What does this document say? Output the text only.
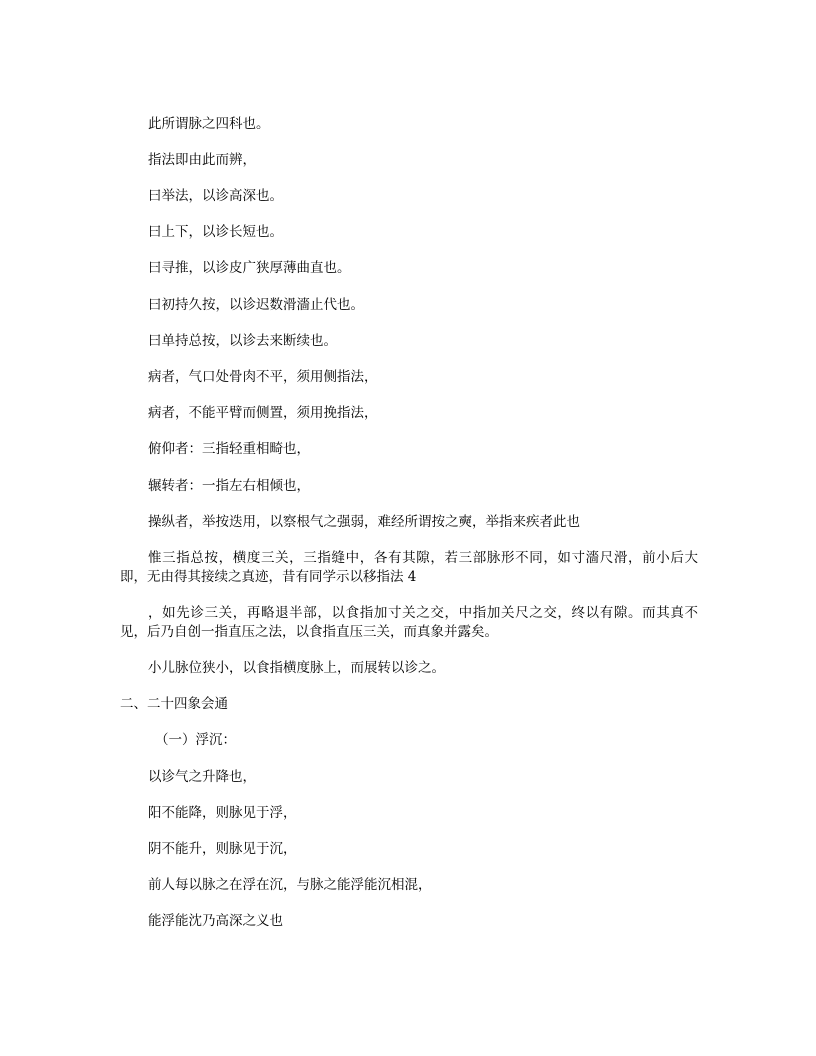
此所谓脉之四科也。

指法即由此而辨，

曰举法，以诊高深也。

曰上下，以诊长短也。

曰寻推，以诊皮广狭厚薄曲直也。

曰初持久按，以诊迟数滑濇止代也。

曰单持总按，以诊去来断续也。

病者，气口处骨肉不平，须用侧指法，

病者，不能平臂而侧置，须用挽指法，

俯仰者：三指轻重相畸也，

辗转者：一指左右相倾也，

操纵者，举按迭用，以察根气之强弱，难经所谓按之奭，举指来疾者此也

惟三指总按，横度三关，三指缝中，各有其隙，若三部脉形不同，如寸濇尺滑，前小后大即，无由得其接续之真迹，昔有同学示以移指法 4

，如先诊三关，再略退半部，以食指加寸关之交，中指加关尺之交，终以有隙。而其真不见，后乃自创一指直压之法，以食指直压三关，而真象并露矣。

小儿脉位狭小，以食指横度脉上，而展转以诊之。

二、二十四象会通

（一）浮沉：

以诊气之升降也，

阳不能降，则脉见于浮，

阴不能升，则脉见于沉，

前人每以脉之在浮在沉，与脉之能浮能沉相混，

能浮能沈乃高深之义也
